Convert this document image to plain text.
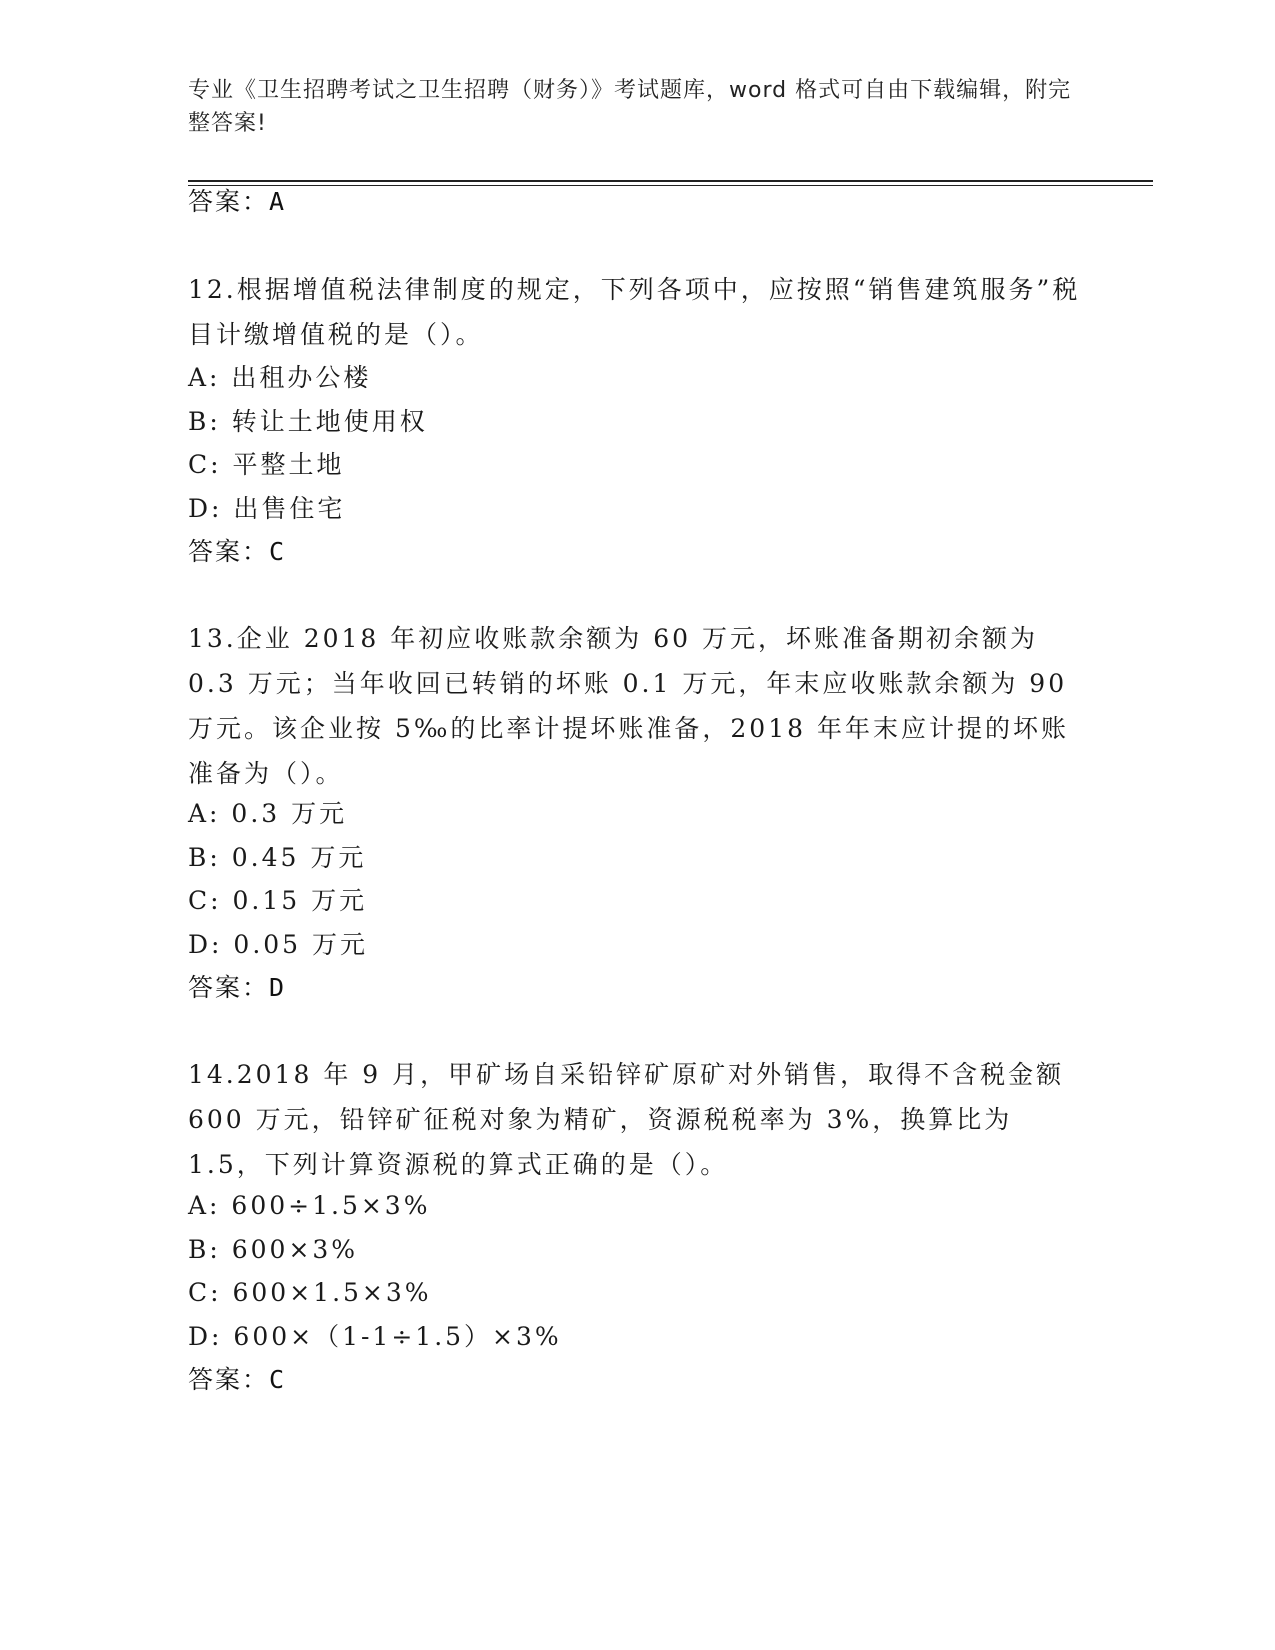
专业《卫生招聘考试之卫生招聘（财务）》考试题库，word 格式可自由下载编辑，附完整答案!
答案：A
12.根据增值税法律制度的规定，下列各项中，应按照“销售建筑服务”税目计缴增值税的是（）。
A: 出租办公楼
B: 转让土地使用权
C: 平整土地
D: 出售住宅
答案：C
13.企业 2018 年初应收账款余额为 60 万元，坏账准备期初余额为 0.3 万元；当年收回已转销的坏账 0.1 万元，年末应收账款余额为 90 万元。该企业按 5‰的比率计提坏账准备，2018 年年末应计提的坏账准备为（）。
A: 0.3 万元
B: 0.45 万元
C: 0.15 万元
D: 0.05 万元
答案：D
14.2018 年 9 月，甲矿场自采铅锌矿原矿对外销售，取得不含税金额 600 万元，铅锌矿征税对象为精矿，资源税税率为 3%，换算比为 1.5，下列计算资源税的算式正确的是（）。
A: 600÷1.5×3%
B: 600×3%
C: 600×1.5×3%
D: 600×（1-1÷1.5）×3%
答案：C
